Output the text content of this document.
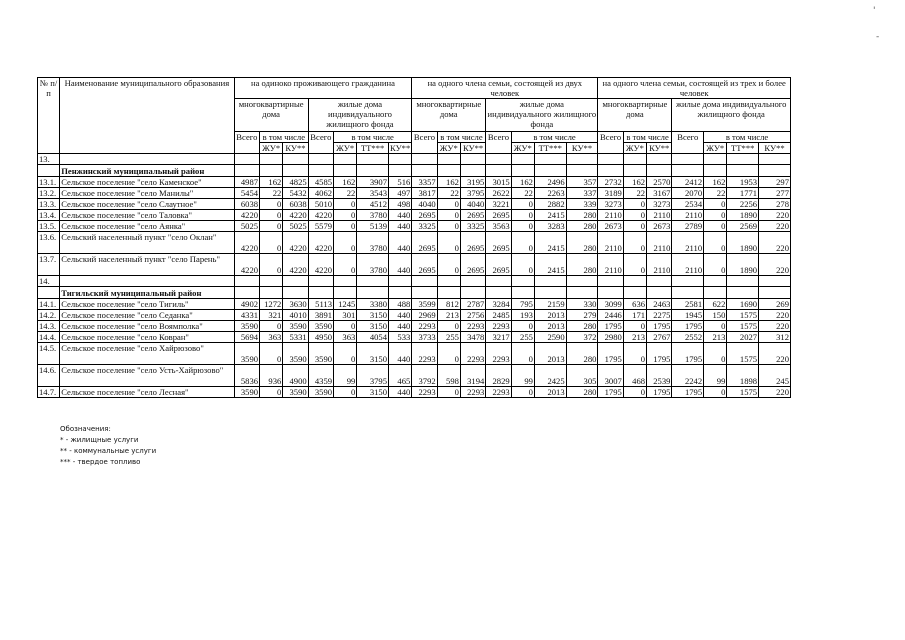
'
-
№ п/п	Наименование муниципального образования	на одиноко проживающего гражданина							на одного члена семьи, состоящей из двух человек							на одного члена семьи, состоящей из трех и более человек						
		многоквартирные дома			жилые дома индивидуального жилищного фонда				многоквартирные дома			жилые дома индивидуального жилищного фонда				многоквартирные дома			жилые дома индивидуального жилищного фонда			
		Всего	в том числе		Всего	в том числе			Всего	в том числе		Всего	в том числе			Всего	в том числе		Всего	в том числе		
			ЖУ*	КУ**		ЖУ*	ТТ***	КУ**		ЖУ*	КУ**		ЖУ*	ТТ***	КУ**		ЖУ*	КУ**		ЖУ*	ТТ***	КУ**
13.																						
	Пенжинский муниципальный район																					
13.1.	Сельское поселение "село Каменское"	4987	162	4825	4585	162	3907	516	3357	162	3195	3015	162	2496	357	2732	162	2570	2412	162	1953	297
13.2.	Сельское поселение "село Манилы"	5454	22	5432	4062	22	3543	497	3817	22	3795	2622	22	2263	337	3189	22	3167	2070	22	1771	277
13.3.	Сельское поселение "село Слаутное"	6038	0	6038	5010	0	4512	498	4040	0	4040	3221	0	2882	339	3273	0	3273	2534	0	2256	278
13.4.	Сельское поселение "село Таловка"	4220	0	4220	4220	0	3780	440	2695	0	2695	2695	0	2415	280	2110	0	2110	2110	0	1890	220
13.5.	Сельское поселение "село Аянка"	5025	0	5025	5579	0	5139	440	3325	0	3325	3563	0	3283	280	2673	0	2673	2789	0	2569	220
13.6.	Сельский населенный пункт "село Оклан"	4220	0	4220	4220	0	3780	440	2695	0	2695	2695	0	2415	280	2110	0	2110	2110	0	1890	220
13.7.	Сельский населенный пункт "село Парень"	4220	0	4220	4220	0	3780	440	2695	0	2695	2695	0	2415	280	2110	0	2110	2110	0	1890	220
14.																						
	Тигильский муниципальный район																					
14.1.	Сельское поселение "село Тигиль"	4902	1272	3630	5113	1245	3380	488	3599	812	2787	3284	795	2159	330	3099	636	2463	2581	622	1690	269
14.2.	Сельское поселение "село Седанка"	4331	321	4010	3891	301	3150	440	2969	213	2756	2485	193	2013	279	2446	171	2275	1945	150	1575	220
14.3.	Сельское поселение "село Воямполка"	3590	0	3590	3590	0	3150	440	2293	0	2293	2293	0	2013	280	1795	0	1795	1795	0	1575	220
14.4.	Сельское поселение "село Ковран"	5694	363	5331	4950	363	4054	533	3733	255	3478	3217	255	2590	372	2980	213	2767	2552	213	2027	312
14.5.	Сельское поселение "село Хайрюзово"	3590	0	3590	3590	0	3150	440	2293	0	2293	2293	0	2013	280	1795	0	1795	1795	0	1575	220
14.6.	Сельское поселение "село Усть-Хайрюзово"	5836	936	4900	4359	99	3795	465	3792	598	3194	2829	99	2425	305	3007	468	2539	2242	99	1898	245
14.7.	Сельское поселение "село Лесная"	3590	0	3590	3590	0	3150	440	2293	0	2293	2293	0	2013	280	1795	0	1795	1795	0	1575	220
Обозначения:
* - жилищные услуги
** - коммунальные услуги
*** - твердое топливо
